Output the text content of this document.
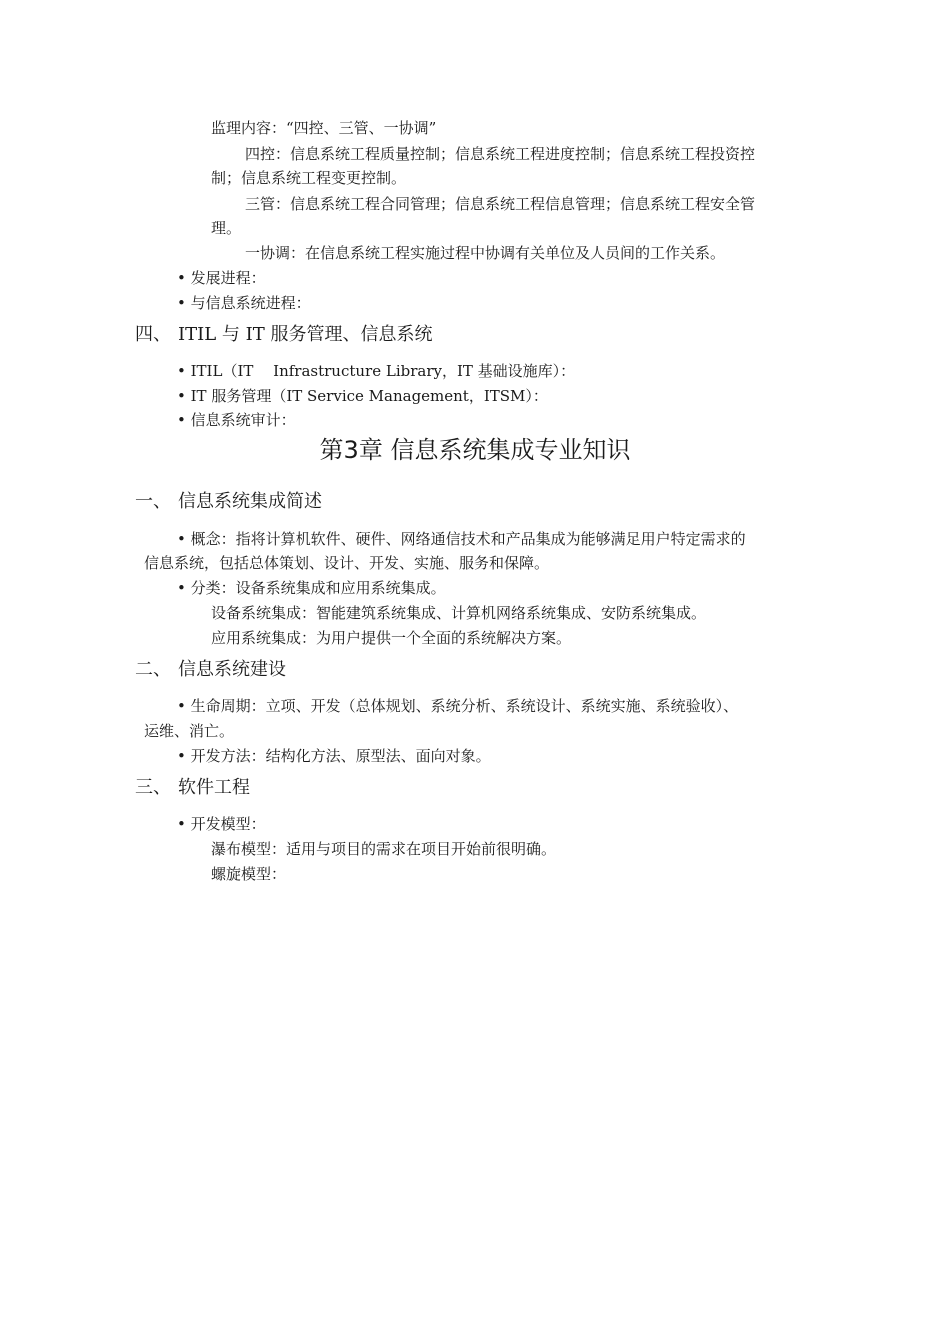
监理内容：“四控、三管、一协调”
四控：信息系统工程质量控制；信息系统工程进度控制；信息系统工程投资控
制；信息系统工程变更控制。
三管：信息系统工程合同管理；信息系统工程信息管理；信息系统工程安全管
理。
一协调：在信息系统工程实施过程中协调有关单位及人员间的工作关系。
• 发展进程：
• 与信息系统进程：
四、 ITIL 与 IT 服务管理、信息系统
• ITIL（IT　 Infrastructure Library，IT 基础设施库）：
• IT 服务管理（IT Service Management，ITSM）：
• 信息系统审计：
第3章 信息系统集成专业知识
一、 信息系统集成简述
• 概念：指将计算机软件、硬件、网络通信技术和产品集成为能够满足用户特定需求的
信息系统，包括总体策划、设计、开发、实施、服务和保障。
• 分类：设备系统集成和应用系统集成。
设备系统集成：智能建筑系统集成、计算机网络系统集成、安防系统集成。
应用系统集成：为用户提供一个全面的系统解决方案。
二、 信息系统建设
• 生命周期：立项、开发（总体规划、系统分析、系统设计、系统实施、系统验收）、
运维、消亡。
• 开发方法：结构化方法、原型法、面向对象。
三、 软件工程
• 开发模型：
瀑布模型：适用与项目的需求在项目开始前很明确。
螺旋模型：
